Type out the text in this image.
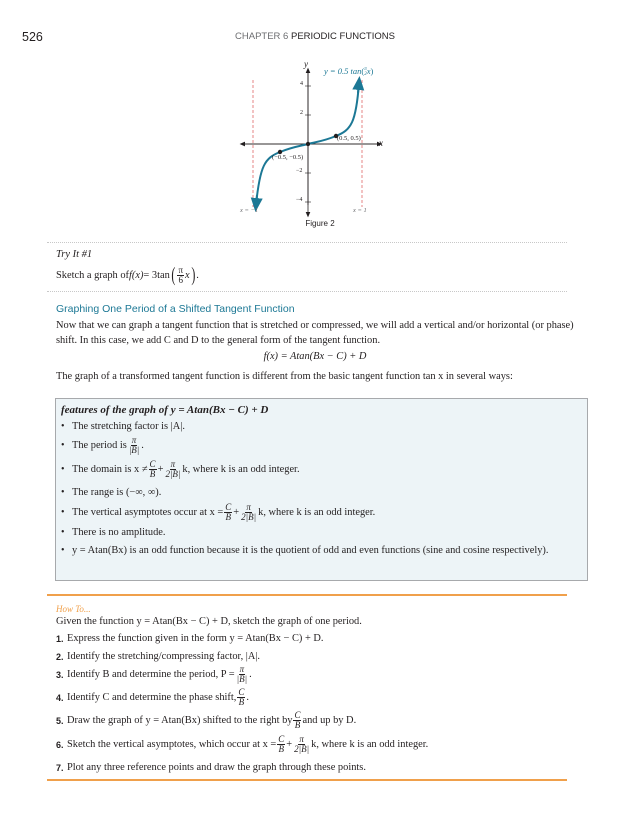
526	CHAPTER 6 PERIODIC FUNCTIONS
y
x
4
2
−2
−4
y = 0.5 tan( π
2 x)
(0.5, 0.5)
(−0.5, −0.5)
x = −1	x = 1
Figure 2
Try It #1
Sketch a graph of f(x) = 3tan ( $\frac{\pi}{6}$ x ) .
Graphing One Period of a Shifted Tangent Function
Now that we can graph a tangent function that is stretched or compressed, we will add a vertical and/or horizontal (or phase) shift. In this case, we add C and D to the general form of the tangent function.
f(x) = Atan(Bx − C) + D
The graph of a transformed tangent function is different from the basic tangent function tan x in several ways:
features of the graph of y = Atan(Bx − C) + D
• The stretching factor is |A|.
• The period is $\frac{\pi}{|B|}$ .
• The domain is $x \ne \frac{C}{B} + \frac{\pi}{2|B|} k$, where k is an odd integer.
• The range is (−∞, ∞).
• The vertical asymptotes occur at $x = \frac{C}{B} + \frac{\pi}{2|B|} k$, where k is an odd integer.
• There is no amplitude.
• y = Atan(Bx) is an odd function because it is the quotient of odd and even functions (sine and cosine respectively).
How To...
Given the function y = Atan(Bx − C) + D, sketch the graph of one period.
1. Express the function given in the form y = Atan(Bx − C) + D.
2. Identify the stretching/compressing factor, |A|.
3. Identify B and determine the period, $P = \frac{\pi}{|B|}$ .
4. Identify C and determine the phase shift, $\frac{C}{B}$ .
5. Draw the graph of y = Atan(Bx) shifted to the right by $\frac{C}{B}$ and up by D.
6. Sketch the vertical asymptotes, which occur at $x = \frac{C}{B} + \frac{\pi}{2|B|} k$, where k is an odd integer.
7. Plot any three reference points and draw the graph through these points.
